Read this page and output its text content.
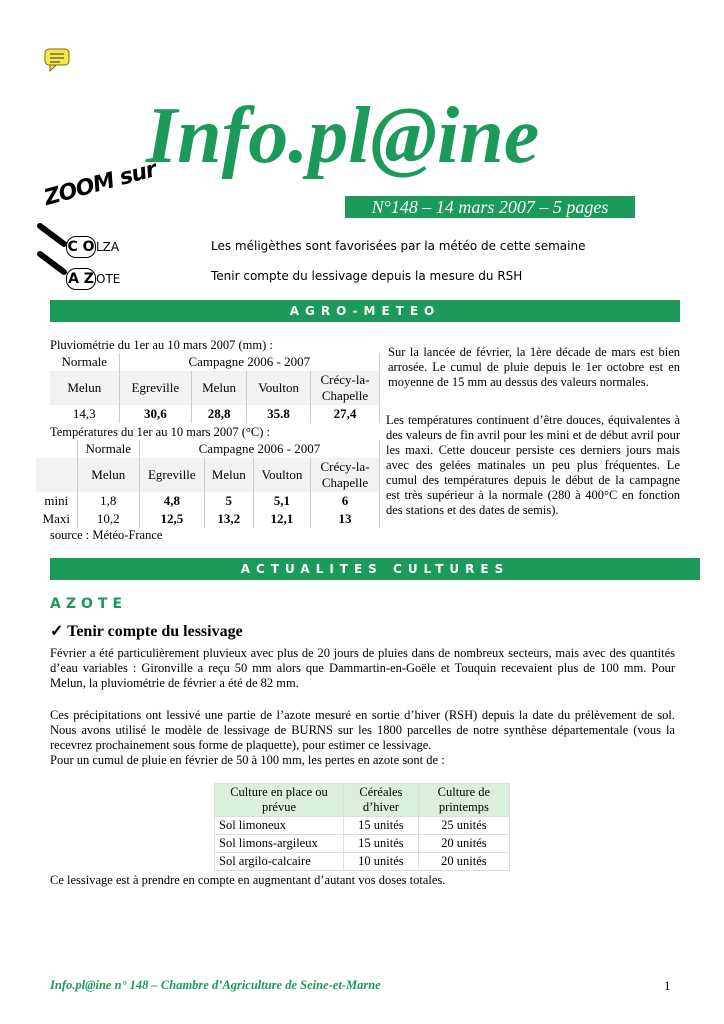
Info.pl@ine
ZOOM sur	N°148 – 14 mars 2007 – 5 pages
C OLZA	Les méligèthes sont favorisées par la météo de cette semaine
A Z OTE	Tenir compte du lessivage depuis la mesure du RSH
AGRO-METEO
Pluviométrie du 1er au 10 mars 2007 (mm) :
Normale	Campagne 2006 - 2007			
Melun	Egreville	Melun	Voulton	Crécy-la-Chapelle
14,3	30,6	28,8	35.8	27,4
Températures du 1er au 10 mars 2007 (°C) :
	Normale	Campagne 2006 - 2007			
	Melun	Egreville	Melun	Voulton	Crécy-la-Chapelle
mini	1,8	4,8	5	5,1	6
Maxi	10,2	12,5	13,2	12,1	13
source : Météo-France
Sur la lancée de février, la 1ère décade de mars est bien arrosée. Le cumul de pluie depuis le 1er octobre est en moyenne de 15 mm au dessus des valeurs normales.
Les températures continuent d’être douces, équivalentes à des valeurs de fin avril pour les mini et de début avril pour les maxi. Cette douceur persiste ces derniers jours mais avec des gelées matinales un peu plus fréquentes. Le cumul des températures depuis le début de la campagne est très supérieur à la normale (280 à 400°C en fonction des stations et des dates de semis).
ACTUALITES CULTURES
AZOTE
✓ Tenir compte du lessivage
Février a été particulièrement pluvieux avec plus de 20 jours de pluies dans de nombreux secteurs, mais avec des quantités d’eau variables : Gironville a reçu 50 mm alors que Dammartin-en-Goële et Touquin recevaient plus de 100 mm. Pour Melun, la pluviométrie de février a été de 82 mm.
Ces précipitations ont lessivé une partie de l’azote mesuré en sortie d’hiver (RSH) depuis la date du prélèvement de sol. Nous avons utilisé le modèle de lessivage de BURNS sur les 1800 parcelles de notre synthèse départementale (vous la recevrez prochainement sous forme de plaquette), pour estimer ce lessivage.
Pour un cumul de pluie en février de 50 à 100 mm, les pertes en azote sont de :
Culture en place ou prévue	Céréales d’hiver	Culture de printemps
Sol limoneux	15 unités	25 unités
Sol limons-argileux	15 unités	20 unités
Sol argilo-calcaire	10 unités	20 unités
Ce lessivage est à prendre en compte en augmentant d’autant vos doses totales.
Info.pl@ine n° 148 – Chambre d’Agriculture de Seine-et-Marne	1
